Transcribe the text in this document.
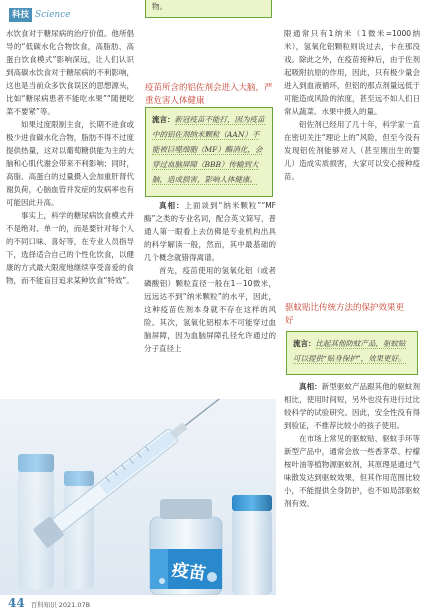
科技 Science

水饮食对于糖尿病的治疗价值。他所倡导的“低碳水化合物饮食，高脂肪、高蛋白饮食模式”影响深远，让人们认识到高碳水饮食对于糖尿病的不利影响，这也是当前众多饮食误区的思想源头，比如“糖尿病患者不能吃水果”“随便吃菜不要紧”等。

如果过度限制主食，长期不进食或极少进食碳水化合物，脂肪不得不过度提供热量，这对以葡萄糖供能为主的大脑和心肌代谢会带来不利影响；同时，高脂、高蛋白的过量摄入会加重肝肾代谢负荷，心脑血管并发症的发病率也有可能因此升高。

事实上，科学的糖尿病饮食模式并不是绝对、单一的，而是要针对每个人的不同口味、喜好等，在专业人员指导下，选择适合自己的个性化饮食，以健康的方式最大限度地继续享受喜爱的食物，而不能盲目追求某种饮食“特效”。

物。
疫苗所含的铝佐剂会进入大脑，严重危害人体健康
流言：新冠疫苗不能打，因为疫苗中的铝佐剂纳米颗粒（AAN）不能被巨噬细胞（MF）酶消化，会穿过血脑屏障（BBB）传输到大脑，造成损害，影响人体健康。

真相：上面谈到“纳米颗粒”“MF酶”之类的专业名词，配合英文简写，普通人第一眼看上去仿佛是专业机构出具的科学解读一般，然而，其中最基础的几个概念就错得离谱。

首先，疫苗使用的氢氧化铝（或者磷酸铝）颗粒直径一般在1－10微米，远远达不到“纳米颗粒”的水平，因此，这种疫苗佐剂本身就不存在这样的风险。其次，氢氧化铝根本不可能穿过血脑屏障，因为血脑屏障孔径允许通过的分子直径上

限通常只有1纳米（1微米=1000纳米），氢氧化铝颗粒则说过去，卡在那没戏。除此之外，在疫苗接种后，由于佐剂起吸附抗原的作用，因此，只有极少量会进入到血液循环，但铝的那点剂量远低于可能造成风险的浓度，甚至远不如人们日常从蔬菜、水果中摄入的量。

铝佐剂已经用了几十年，科学家一直在密切关注“理论上的”风险，但至今没有发现铝佐剂能够对人（甚至刚出生的婴儿）造成实质损害，大家可以安心接种疫苗。

驱蚊贴比传统方法的保护效果更好
流言：比起其他防蚊产品，驱蚊贴可以提供“贴身保护”，效果更好。

真相：新型驱蚊产品跟其他的驱蚊剂相比，使用时间短，另外也没有进行过比较科学的试验研究。因此，安全性没有得到验证，不推荐比较小的孩子使用。

在市场上常见的驱蚊贴、驱蚊手环等新型产品中，通常会放一些香茅草、柠檬桉叶油等植物源驱蚊剂，其原理是通过气味散发达到驱蚊效果，但其作用范围比较小，不能提供全身防护，也不如局部驱蚊剂有效。

疫苗
44 百科知识 2021.07B
